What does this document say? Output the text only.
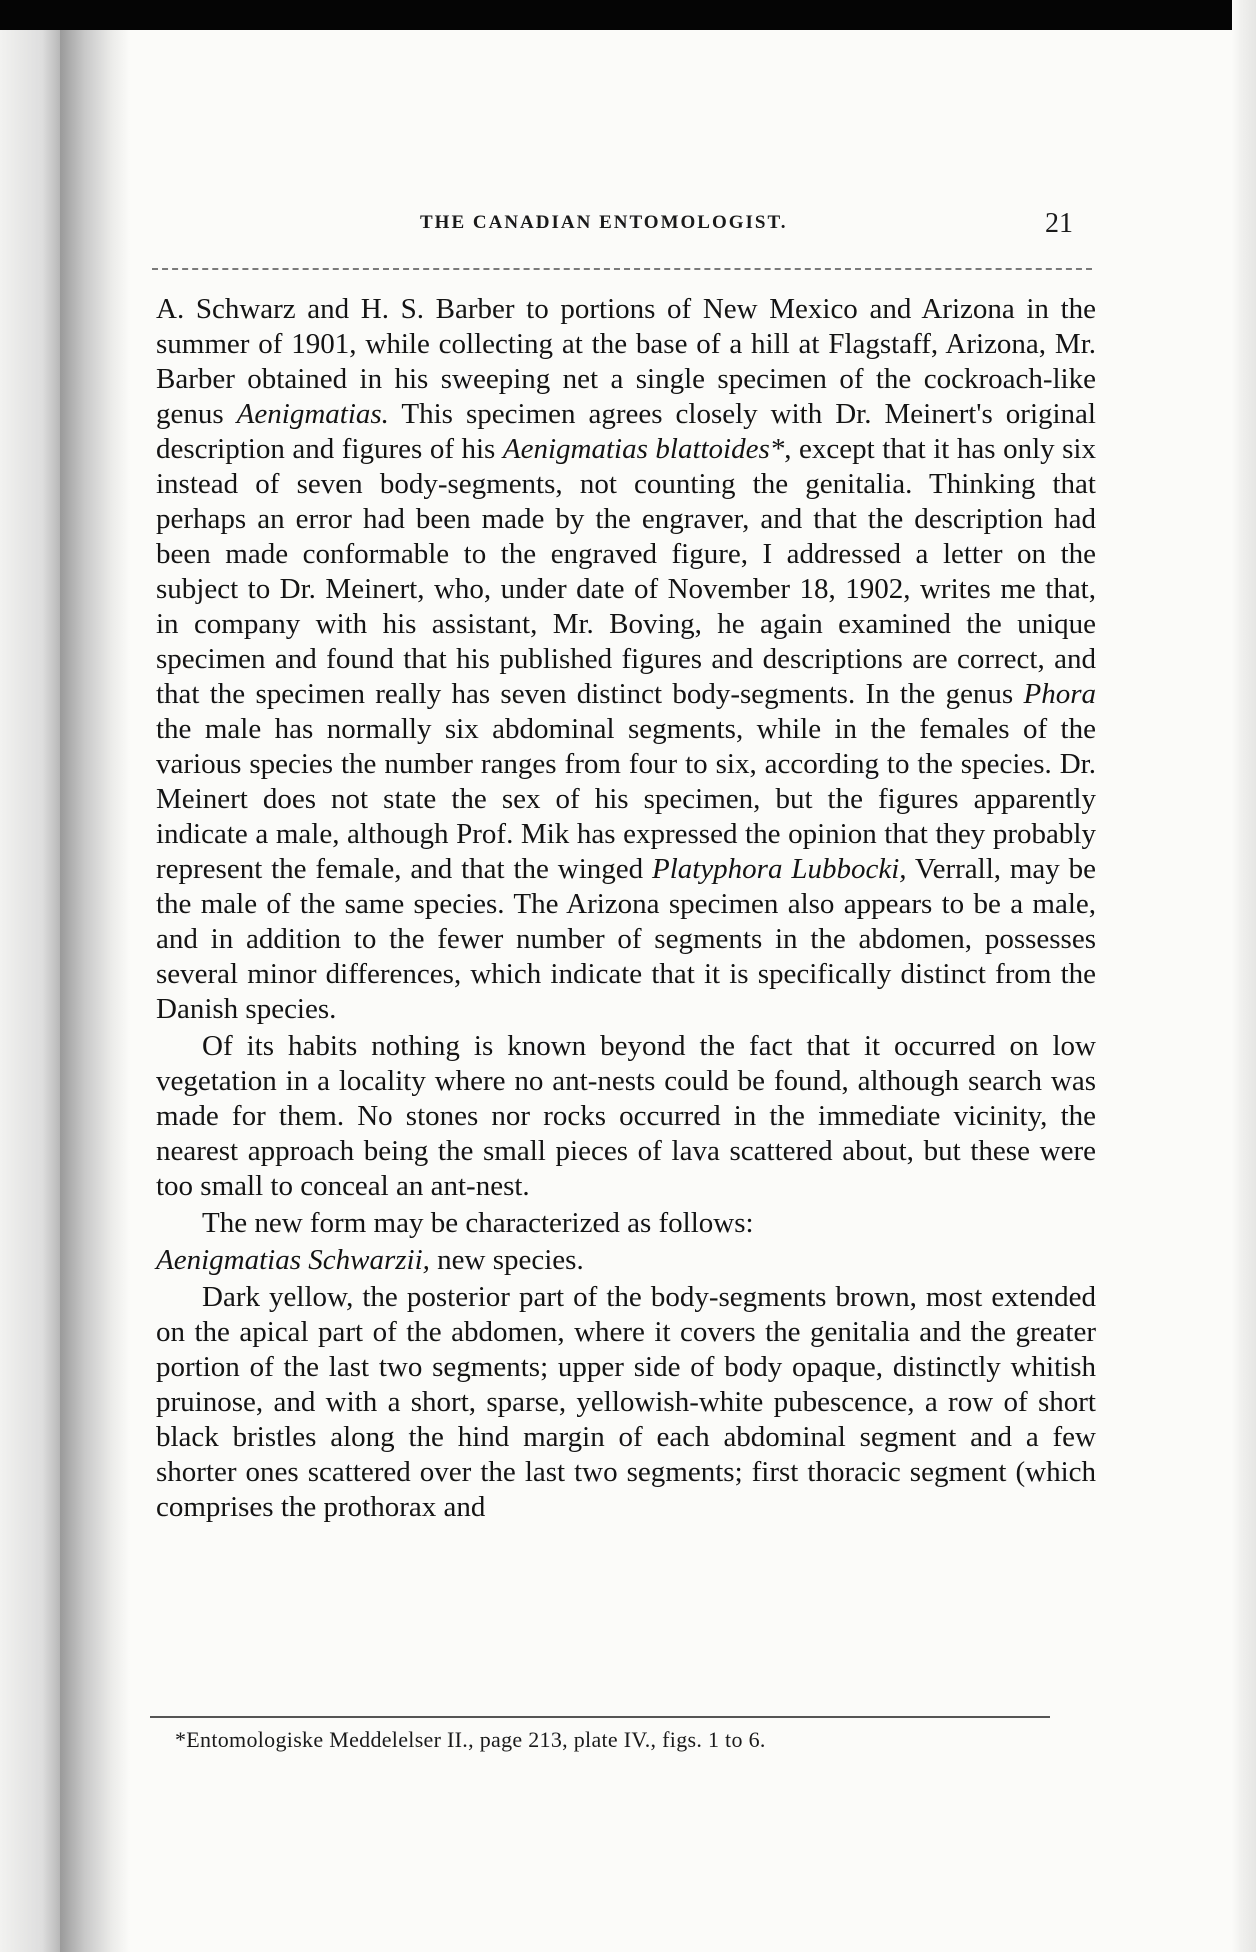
THE CANADIAN ENTOMOLOGIST.	21

A. Schwarz and H. S. Barber to portions of New Mexico and Arizona in the summer of 1901, while collecting at the base of a hill at Flagstaff, Arizona, Mr. Barber obtained in his sweeping net a single specimen of the cockroach-like genus Aenigmatias. This specimen agrees closely with Dr. Meinert's original description and figures of his Aenigmatias blattoides*, except that it has only six instead of seven body-segments, not counting the genitalia. Thinking that perhaps an error had been made by the engraver, and that the description had been made conformable to the engraved figure, I addressed a letter on the subject to Dr. Meinert, who, under date of November 18, 1902, writes me that, in company with his assistant, Mr. Boving, he again examined the unique specimen and found that his published figures and descriptions are correct, and that the specimen really has seven distinct body-segments. In the genus Phora the male has normally six abdominal segments, while in the females of the various species the number ranges from four to six, according to the species. Dr. Meinert does not state the sex of his specimen, but the figures apparently indicate a male, although Prof. Mik has expressed the opinion that they probably represent the female, and that the winged Platyphora Lubbocki, Verrall, may be the male of the same species. The Arizona specimen also appears to be a male, and in addition to the fewer number of segments in the abdomen, possesses several minor differences, which indicate that it is specifically distinct from the Danish species.

Of its habits nothing is known beyond the fact that it occurred on low vegetation in a locality where no ant-nests could be found, although search was made for them. No stones nor rocks occurred in the immediate vicinity, the nearest approach being the small pieces of lava scattered about, but these were too small to conceal an ant-nest.

The new form may be characterized as follows:

Aenigmatias Schwarzii, new species.

Dark yellow, the posterior part of the body-segments brown, most extended on the apical part of the abdomen, where it covers the genitalia and the greater portion of the last two segments; upper side of body opaque, distinctly whitish pruinose, and with a short, sparse, yellowish-white pubescence, a row of short black bristles along the hind margin of each abdominal segment and a few shorter ones scattered over the last two segments; first thoracic segment (which comprises the prothorax and

*Entomologiske Meddelelser II., page 213, plate IV., figs. 1 to 6.
